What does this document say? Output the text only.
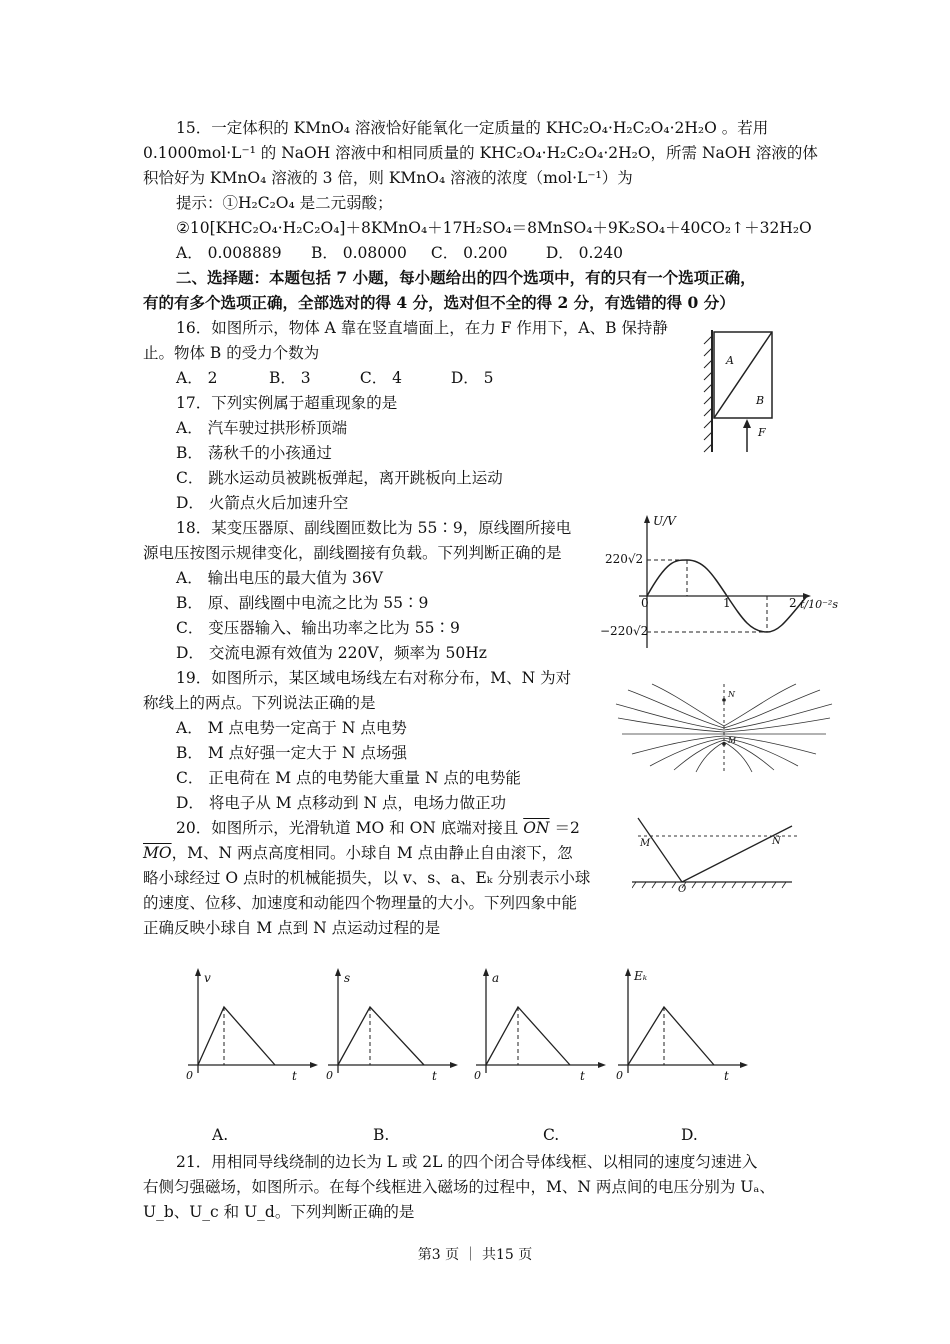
15．一定体积的 KMnO₄ 溶液恰好能氧化一定质量的 KHC₂O₄·H₂C₂O₄·2H₂O 。若用
0.1000mol·L⁻¹ 的 NaOH 溶液中和相同质量的 KHC₂O₄·H₂C₂O₄·2H₂O，所需 NaOH 溶液的体
积恰好为 KMnO₄ 溶液的 3 倍，则 KMnO₄ 溶液的浓度（mol·L⁻¹）为
提示：①H₂C₂O₄ 是二元弱酸；
②10[KHC₂O₄·H₂C₂O₄]＋8KMnO₄＋17H₂SO₄＝8MnSO₄＋9K₂SO₄＋40CO₂↑＋32H₂O
A． 0.008889 B． 0.08000 C． 0.200 D． 0.240
二、选择题：本题包括 7 小题，每小题给出的四个选项中，有的只有一个选项正确，
有的有多个选项正确，全部选对的得 4 分，选对但不全的得 2 分，有选错的得 0 分）
16．如图所示，物体 A 靠在竖直墙面上，在力 F 作用下，A、B 保持静
止。物体 B 的受力个数为
A． 2	B． 3	C． 4	D． 5
A
B
F
17．下列实例属于超重现象的是
A． 汽车驶过拱形桥顶端
B． 荡秋千的小孩通过
C． 跳水运动员被跳板弹起，离开跳板向上运动
D． 火箭点火后加速升空
18．某变压器原、副线圈匝数比为 55∶9，原线圈所接电
源电压按图示规律变化，副线圈接有负载。下列判断正确的是
A． 输出电压的最大值为 36V
B． 原、副线圈中电流之比为 55∶9
C． 变压器输入、输出功率之比为 55∶9
D． 交流电源有效值为 220V，频率为 50Hz
U/V
220√2
−220√2
0	1	2 t/10⁻²s
19．如图所示，某区域电场线左右对称分布，M、N 为对
称线上的两点。下列说法正确的是
A． M 点电势一定高于 N 点电势
B． M 点好强一定大于 N 点场强
C． 正电荷在 M 点的电势能大重量 N 点的电势能
D． 将电子从 M 点移动到 N 点，电场力做正功
N
M
20．如图所示，光滑轨道 MO 和 ON 底端对接且 $\overline{ON} =2$
$\overline{MO}$，M、N 两点高度相同。小球自 M 点由静止自由滚下，忽
略小球经过 O 点时的机械能损失，以 v、s、a、Eₖ 分别表示小球
的速度、位移、加速度和动能四个物理量的大小。下列四象中能
正确反映小球自 M 点到 N 点运动过程的是
M	N
O
v
0	t
s
0	t
a
0	t
Eₖ
0	t
A.	B.	C.	D.
21．用相同导线绕制的边长为 L 或 2L 的四个闭合导体线框、以相同的速度匀速进入
右侧匀强磁场，如图所示。在每个线框进入磁场的过程中，M、N 两点间的电压分别为 Uₐ、
U_b、U_c 和 U_d。下列判断正确的是
第3 页 ｜ 共15 页
